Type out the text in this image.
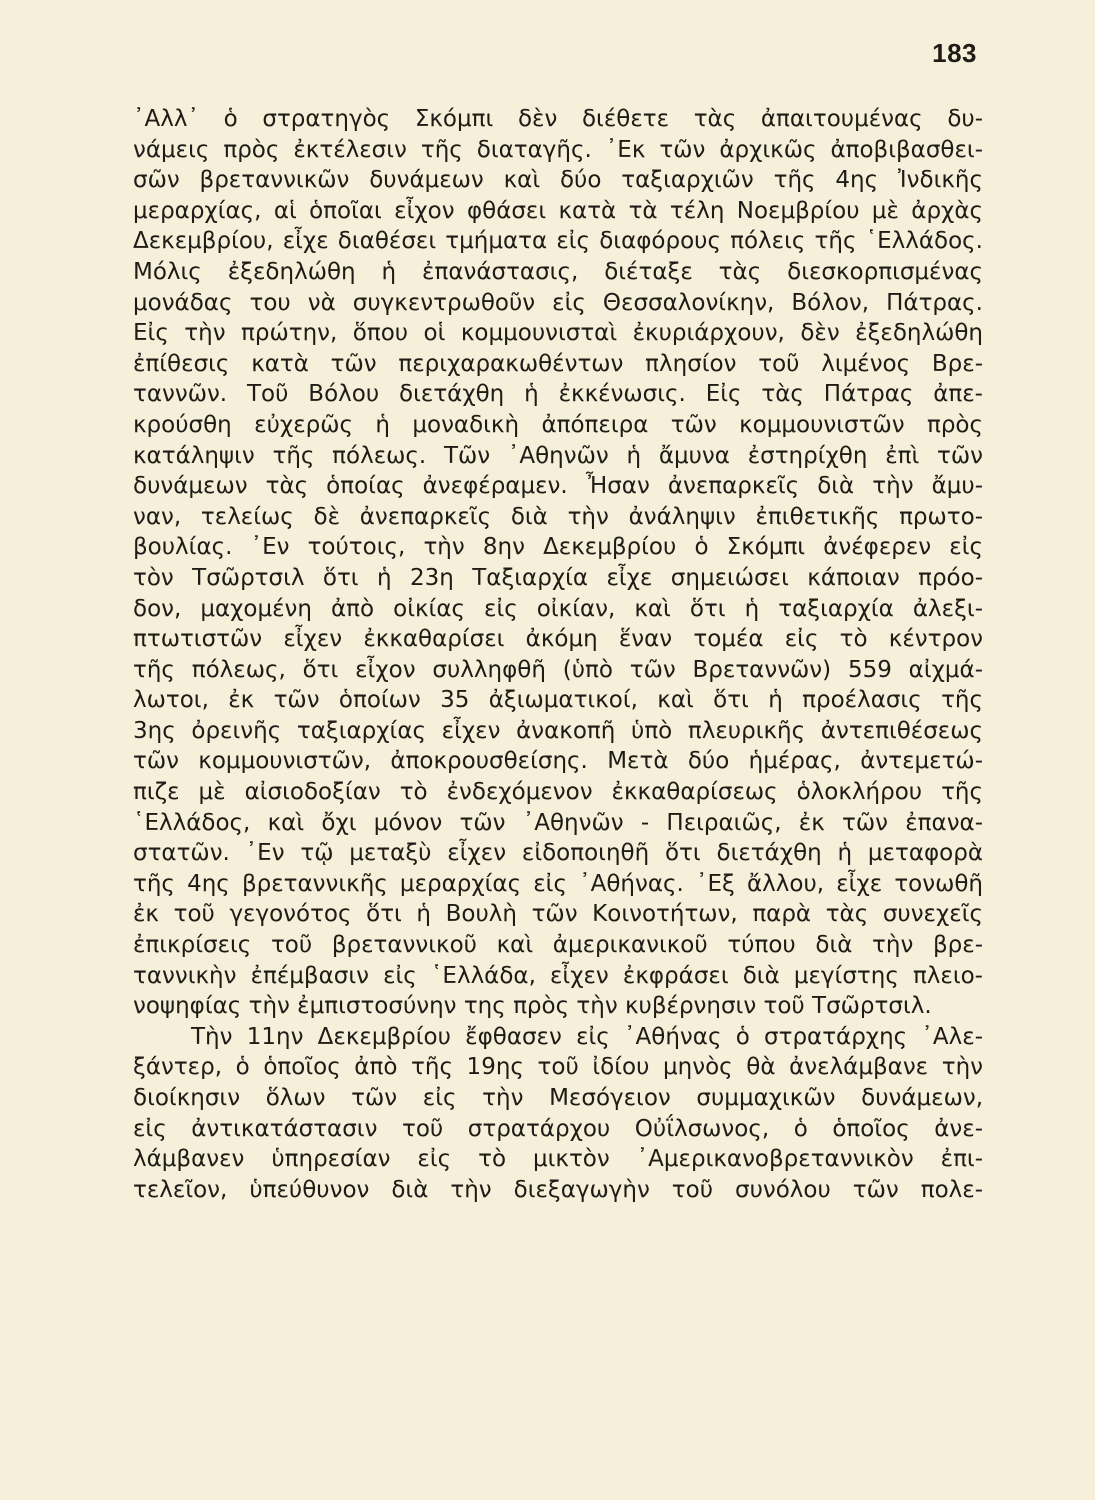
183
᾿Αλλ᾿ ὁ στρατηγὸς Σκόμπι δὲν διέθετε τὰς ἀπαιτουμένας δυ-
νάμεις πρὸς ἐκτέλεσιν τῆς διαταγῆς. ᾿Εκ τῶν ἀρχικῶς ἀποβιβασθει-
σῶν βρεταννικῶν δυνάμεων καὶ δύο ταξιαρχιῶν τῆς 4ης Ἰνδικῆς
μεραρχίας, αἱ ὁποῖαι εἶχον φθάσει κατὰ τὰ τέλη Νοεμβρίου μὲ ἀρχὰς
Δεκεμβρίου, εἶχε διαθέσει τμήματα εἰς διαφόρους πόλεις τῆς ῾Ελλάδος.
Μόλις ἐξεδηλώθη ἡ ἐπανάστασις, διέταξε τὰς διεσκορπισμένας
μονάδας του νὰ συγκεντρωθοῦν εἰς Θεσσαλονίκην, Βόλον, Πάτρας.
Εἰς τὴν πρώτην, ὅπου οἱ κομμουνισταὶ ἐκυριάρχουν, δὲν ἐξεδηλώθη
ἐπίθεσις κατὰ τῶν περιχαρακωθέντων πλησίον τοῦ λιμένος Βρε-
ταννῶν. Τοῦ Βόλου διετάχθη ἡ ἐκκένωσις. Εἰς τὰς Πάτρας ἀπε-
κρούσθη εὐχερῶς ἡ μοναδικὴ ἀπόπειρα τῶν κομμουνιστῶν πρὸς
κατάληψιν τῆς πόλεως. Τῶν ᾿Αθηνῶν ἡ ἄμυνα ἐστηρίχθη ἐπὶ τῶν
δυνάμεων τὰς ὁποίας ἀνεφέραμεν. Ἦσαν ἀνεπαρκεῖς διὰ τὴν ἄμυ-
ναν, τελείως δὲ ἀνεπαρκεῖς διὰ τὴν ἀνάληψιν ἐπιθετικῆς πρωτο-
βουλίας. ᾿Εν τούτοις, τὴν 8ην Δεκεμβρίου ὁ Σκόμπι ἀνέφερεν εἰς
τὸν Τσῶρτσιλ ὅτι ἡ 23η Ταξιαρχία εἶχε σημειώσει κάποιαν πρόο-
δον, μαχομένη ἀπὸ οἰκίας εἰς οἰκίαν, καὶ ὅτι ἡ ταξιαρχία ἀλεξι-
πτωτιστῶν εἶχεν ἐκκαθαρίσει ἀκόμη ἕναν τομέα εἰς τὸ κέντρον
τῆς πόλεως, ὅτι εἶχον συλληφθῆ (ὑπὸ τῶν Βρεταννῶν) 559 αἰχμά-
λωτοι, ἐκ τῶν ὁποίων 35 ἀξιωματικοί, καὶ ὅτι ἡ προέλασις τῆς
3ης ὀρεινῆς ταξιαρχίας εἶχεν ἀνακοπῆ ὑπὸ πλευρικῆς ἀντεπιθέσεως
τῶν κομμουνιστῶν, ἀποκρουσθείσης. Μετὰ δύο ἡμέρας, ἀντεμετώ-
πιζε μὲ αἰσιοδοξίαν τὸ ἐνδεχόμενον ἐκκαθαρίσεως ὁλοκλήρου τῆς
῾Ελλάδος, καὶ ὄχι μόνον τῶν ᾿Αθηνῶν - Πειραιῶς, ἐκ τῶν ἐπανα-
στατῶν. ᾿Εν τῷ μεταξὺ εἶχεν εἰδοποιηθῆ ὅτι διετάχθη ἡ μεταφορὰ
τῆς 4ης βρεταννικῆς μεραρχίας εἰς ᾿Αθήνας. ᾿Εξ ἄλλου, εἶχε τονωθῆ
ἐκ τοῦ γεγονότος ὅτι ἡ Βουλὴ τῶν Κοινοτήτων, παρὰ τὰς συνεχεῖς
ἐπικρίσεις τοῦ βρεταννικοῦ καὶ ἀμερικανικοῦ τύπου διὰ τὴν βρε-
ταννικὴν ἐπέμβασιν εἰς ῾Ελλάδα, εἶχεν ἐκφράσει διὰ μεγίστης πλειο-
νοψηφίας τὴν ἐμπιστοσύνην της πρὸς τὴν κυβέρνησιν τοῦ Τσῶρτσιλ.
Τὴν 11ην Δεκεμβρίου ἔφθασεν εἰς ᾿Αθήνας ὁ στρατάρχης ᾿Αλε-
ξάντερ, ὁ ὁποῖος ἀπὸ τῆς 19ης τοῦ ἰδίου μηνὸς θὰ ἀνελάμβανε τὴν
διοίκησιν ὅλων τῶν εἰς τὴν Μεσόγειον συμμαχικῶν δυνάμεων,
εἰς ἀντικατάστασιν τοῦ στρατάρχου Οὐΐλσωνος, ὁ ὁποῖος ἀνε-
λάμβανεν ὑπηρεσίαν εἰς τὸ μικτὸν ᾿Αμερικανοβρεταννικὸν ἐπι-
τελεῖον, ὑπεύθυνον διὰ τὴν διεξαγωγὴν τοῦ συνόλου τῶν πολε-
